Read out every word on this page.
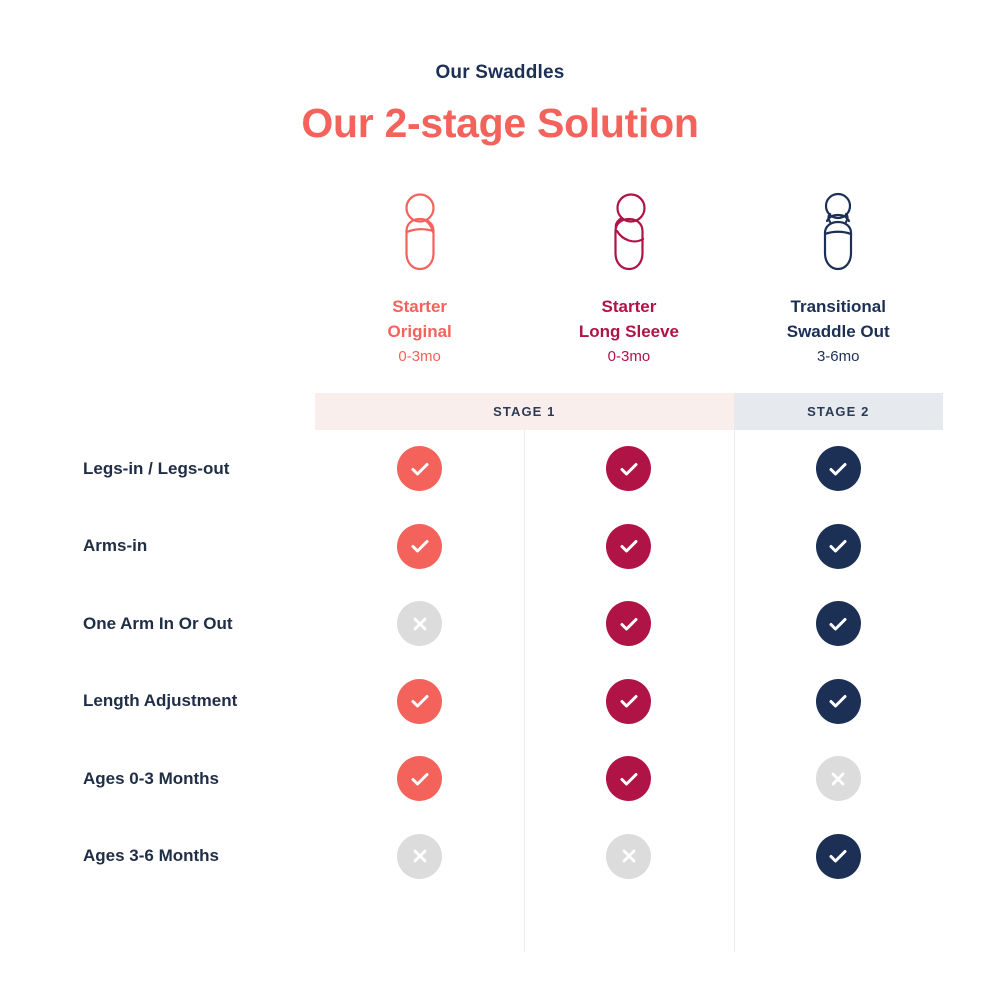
Our Swaddles
Our 2-stage Solution
Starter
Original
0-3mo
Starter
Long Sleeve
0-3mo
Transitional
Swaddle Out
3-6mo
STAGE 1	STAGE 2
Legs-in / Legs-out
Arms-in
One Arm In Or Out
Length Adjustment
Ages 0-3 Months
Ages 3-6 Months
